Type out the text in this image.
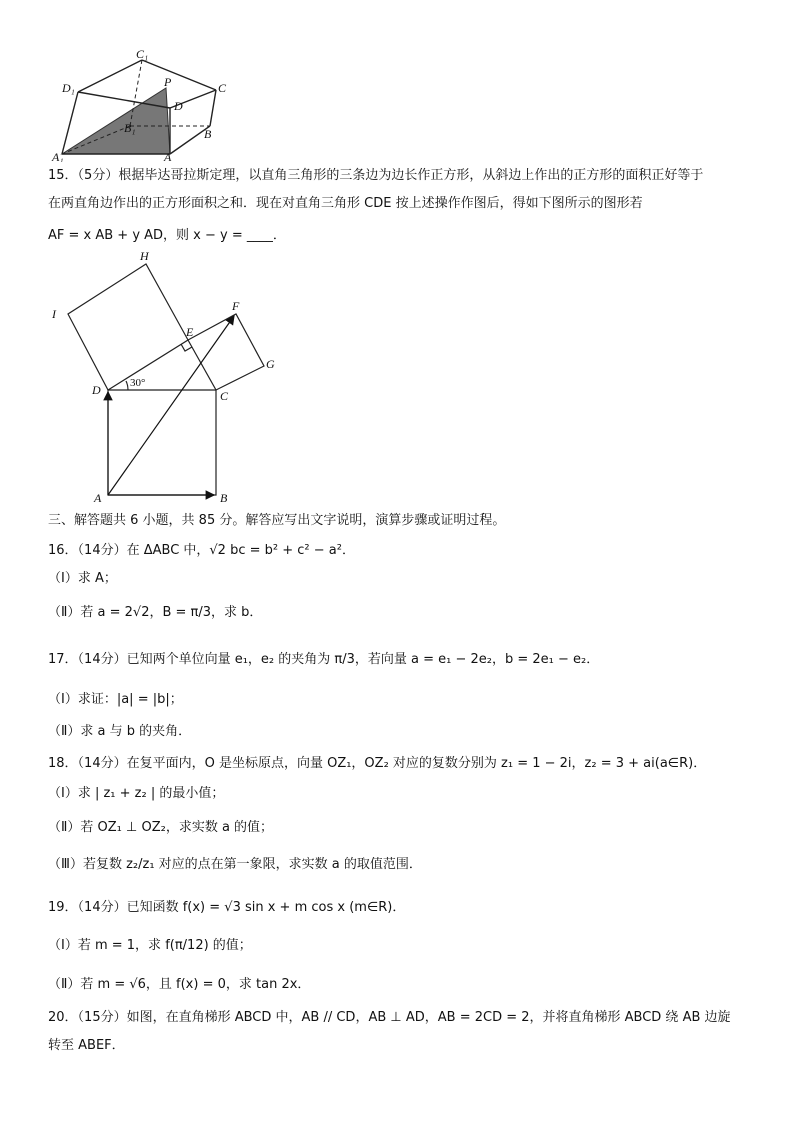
C₁
D₁	P
D
C
B₁	B
A₁	A
15．（5分）根据毕达哥拉斯定理，以直角三角形的三条边为边长作正方形，从斜边上作出的正方形的面积正好等于
在两直角边作出的正方形面积之和．现在对直角三角形 CDE 按上述操作作图后，得如下图所示的图形若
AF = x AB + y AD，则 x − y = ____．
H
I
F
E
G
D	C
A	B
30°
三、解答题共 6 小题，共 85 分。解答应写出文字说明，演算步骤或证明过程。
16．（14分）在 ΔABC 中，√2 bc = b² + c² − a²．
（Ⅰ）求 A；
（Ⅱ）若 a = 2√2，B = π/3，求 b．
17．（14分）已知两个单位向量 e₁，e₂ 的夹角为 π/3，若向量 a = e₁ − 2e₂，b = 2e₁ − e₂．
（Ⅰ）求证：|a| = |b|；
（Ⅱ）求 a 与 b 的夹角．
18．（14分）在复平面内，O 是坐标原点，向量 OZ₁，OZ₂ 对应的复数分别为 z₁ = 1 − 2i，z₂ = 3 + ai(a∈R)．
（Ⅰ）求 | z₁ + z₂ | 的最小值；
（Ⅱ）若 OZ₁ ⊥ OZ₂，求实数 a 的值；
（Ⅲ）若复数 z₂/z₁ 对应的点在第一象限，求实数 a 的取值范围．
19．（14分）已知函数 f(x) = √3 sin x + m cos x (m∈R)．
（Ⅰ）若 m = 1，求 f(π/12) 的值；
（Ⅱ）若 m = √6，且 f(x) = 0，求 tan 2x．
20．（15分）如图，在直角梯形 ABCD 中，AB // CD，AB ⊥ AD，AB = 2CD = 2，并将直角梯形 ABCD 绕 AB 边旋
转至 ABEF．
